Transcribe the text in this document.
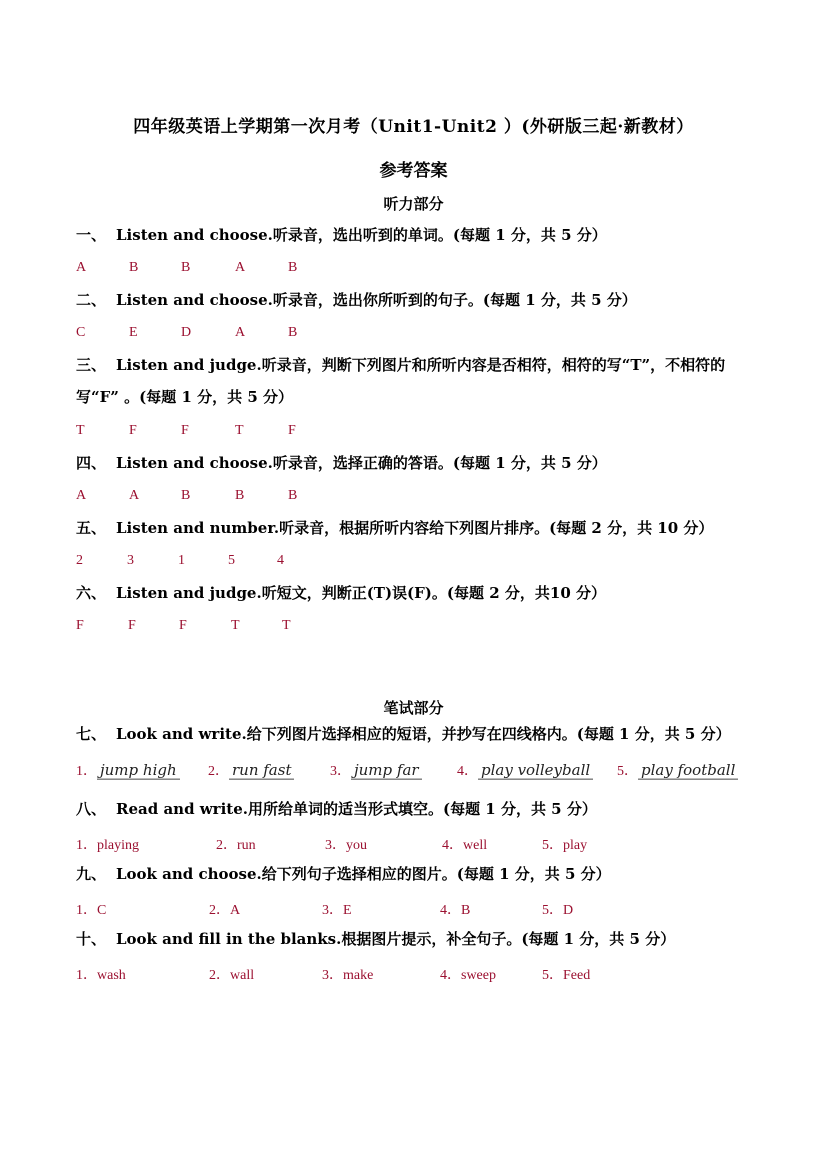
四年级英语上学期第一次月考（Unit1-Unit2 ）(外研版三起·新教材）
参考答案
听力部分
一、 Listen and choose.听录音，选出听到的单词。(每题 1 分，共 5 分）
A	B	B	A	B
二、 Listen and choose.听录音，选出你所听到的句子。(每题 1 分，共 5 分）
C	E	D	A	B
三、 Listen and judge.听录音，判断下列图片和所听内容是否相符，相符的写“T”，不相符的
写“F” 。(每题 1 分，共 5 分）
T	F	F	T	F
四、 Listen and choose.听录音，选择正确的答语。(每题 1 分，共 5 分）
A	A	B	B	B
五、 Listen and number.听录音，根据所听内容给下列图片排序。(每题 2 分，共 10 分）
2	3	1	5	4
六、 Listen and judge.听短文，判断正(T)误(F)。(每题 2 分，共10 分）
F	F	F	T	T
笔试部分
七、 Look and write.给下列图片选择相应的短语，并抄写在四线格内。(每题 1 分，共 5 分）
1． jump high 2． run fast	3． jump far	4． play volleyball 5． play football
八、 Read and write.用所给单词的适当形式填空。(每题 1 分，共 5 分）
1．playing	2．run	3．you	4．well	5．play
九、 Look and choose.给下列句子选择相应的图片。(每题 1 分，共 5 分）
1．C	2．A	3．E	4．B	5．D
十、 Look and fill in the blanks.根据图片提示，补全句子。(每题 1 分，共 5 分）
1．wash	2．wall	3．make	4．sweep	5．Feed
